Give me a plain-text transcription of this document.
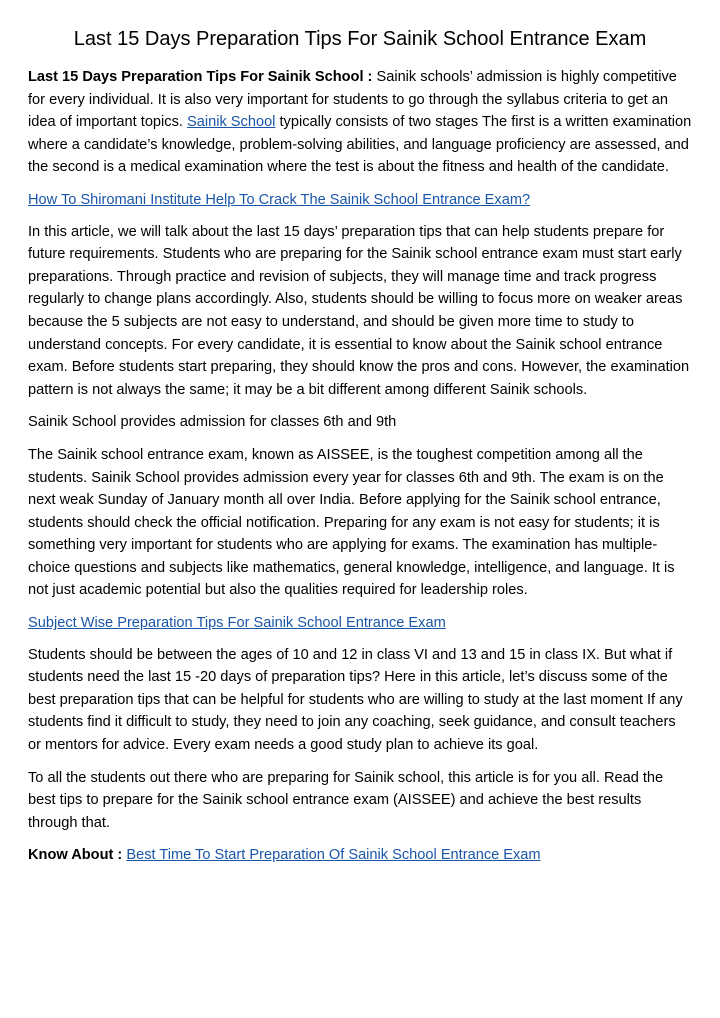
Last 15 Days Preparation Tips For Sainik School Entrance Exam

Last 15 Days Preparation Tips For Sainik School : Sainik schools’ admission is highly competitive for every individual. It is also very important for students to go through the syllabus criteria to get an idea of important topics. Sainik School typically consists of two stages The first is a written examination where a candidate’s knowledge, problem-solving abilities, and language proficiency are assessed, and the second is a medical examination where the test is about the fitness and health of the candidate.

How To Shiromani Institute Help To Crack The Sainik School Entrance Exam?

In this article, we will talk about the last 15 days’ preparation tips that can help students prepare for future requirements. Students who are preparing for the Sainik school entrance exam must start early preparations. Through practice and revision of subjects, they will manage time and track progress regularly to change plans accordingly. Also, students should be willing to focus more on weaker areas because the 5 subjects are not easy to understand, and should be given more time to study to understand concepts. For every candidate, it is essential to know about the Sainik school entrance exam. Before students start preparing, they should know the pros and cons. However, the examination pattern is not always the same; it may be a bit different among different Sainik schools.

Sainik School provides admission for classes 6th and 9th

The Sainik school entrance exam, known as AISSEE, is the toughest competition among all the students. Sainik School provides admission every year for classes 6th and 9th. The exam is on the next weak Sunday of January month all over India. Before applying for the Sainik school entrance, students should check the official notification. Preparing for any exam is not easy for students; it is something very important for students who are applying for exams. The examination has multiple-choice questions and subjects like mathematics, general knowledge, intelligence, and language. It is not just academic potential but also the qualities required for leadership roles.

Subject Wise Preparation Tips For Sainik School Entrance Exam

Students should be between the ages of 10 and 12 in class VI and 13 and 15 in class IX. But what if students need the last 15 -20 days of preparation tips? Here in this article, let’s discuss some of the best preparation tips that can be helpful for students who are willing to study at the last moment If any students find it difficult to study, they need to join any coaching, seek guidance, and consult teachers or mentors for advice. Every exam needs a good study plan to achieve its goal.

To all the students out there who are preparing for Sainik school, this article is for you all. Read the best tips to prepare for the Sainik school entrance exam (AISSEE) and achieve the best results through that.

Know About : Best Time To Start Preparation Of Sainik School Entrance Exam
